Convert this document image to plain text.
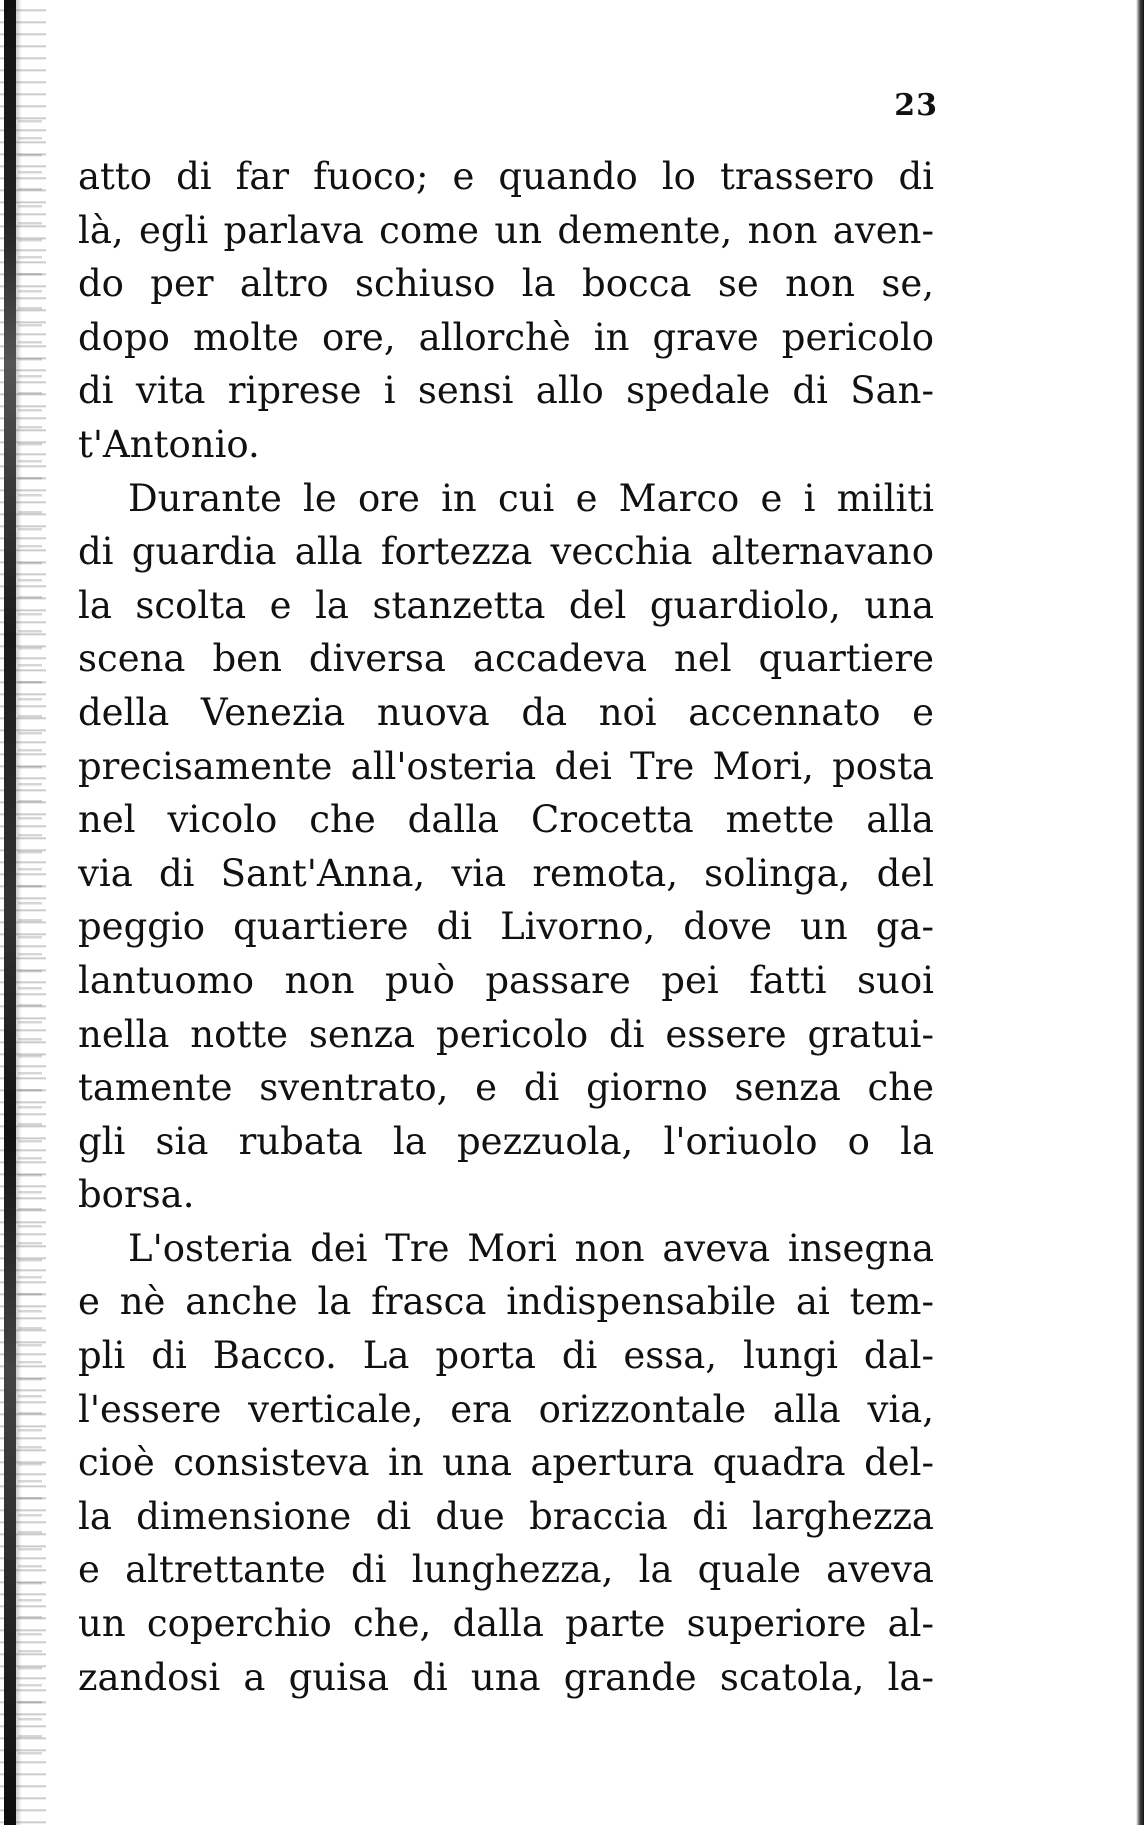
23
atto di far fuoco; e quando lo trassero di
là, egli parlava come un demente, non aven-
do per altro schiuso la bocca se non se,
dopo molte ore, allorchè in grave pericolo
di vita riprese i sensi allo spedale di San-
t'Antonio.
Durante le ore in cui e Marco e i militi
di guardia alla fortezza vecchia alternavano
la scolta e la stanzetta del guardiolo, una
scena ben diversa accadeva nel quartiere
della Venezia nuova da noi accennato e
precisamente all'osteria dei Tre Mori, posta
nel vicolo che dalla Crocetta mette alla
via di Sant'Anna, via remota, solinga, del
peggio quartiere di Livorno, dove un ga-
lantuomo non può passare pei fatti suoi
nella notte senza pericolo di essere gratui-
tamente sventrato, e di giorno senza che
gli sia rubata la pezzuola, l'oriuolo o la
borsa.
L'osteria dei Tre Mori non aveva insegna
e nè anche la frasca indispensabile ai tem-
pli di Bacco. La porta di essa, lungi dal-
l'essere verticale, era orizzontale alla via,
cioè consisteva in una apertura quadra del-
la dimensione di due braccia di larghezza
e altrettante di lunghezza, la quale aveva
un coperchio che, dalla parte superiore al-
zandosi a guisa di una grande scatola, la-
